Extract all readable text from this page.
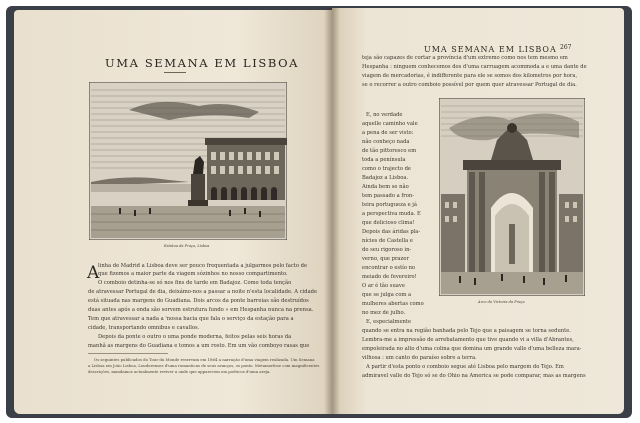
UMA SEMANA EM LISBOA
Estatua da Praça, Lisboa
A
linha de Madrid a Lisboa deve ser pouco frequentada a julgarmos pelo facto de
que fizemos a maior parte da viagem sózinhos no nosso compartimento.
O comboio detinha-se só nos fins de tarde em Badajoz. Como toda tenção
de atravessar Portugal de dia, deixámo-nos a passar a noite n'esta localidade. A cidade
está situada nas margens do Guadiana. Dois arcos da ponte barreias são destruídos
duas antes após a onda são sorvem estrutura fundo » em Hespanha nunca na prensa.
Tem que atravessar a nada a 'nossa bacia que fala o serviço da estação para a
cidade, transportando omnibus e cavallos.
Depois da ponte o outro o uma ponde moderna, feitos pelas seis horas da
manhã as margens do Guadiana e tomos a um rosto. Em um vão comboyo rasas que
Os seguintes publicados do Tour du Monde reservam em 1864 a narração d'uma viagem realizada. Um Semana
a Lisboa em João Lisboa, Loudorenses d'uma romanticas de seus avanços, os ponto. Metamorfose com magnificentes
descrições, mandamos actualmente reviver a onde que apparecem em poéticos d'uma areja.
UMA SEMANA EM LISBOA 267
teja são capazes de cortar a província d'um extremo como nos tem mesmo em
Hespanha : ninguem conhecemos dos d'uma carruagem acommoda a e uma dante de
viagem de mercadorias, é indifferente para ele se somos dos kilometros por hora,
se o recorrer a outro comboio possível por quem quer atravessar Portugal de dia.
E, no verdade
aquelle caminho vale
a pena de ser visto:
não conheço nada
de tão pittoresco em
toda a península
como o trajecto de
Badajoz a Lisboa.
Ainda bem se não
tem passado a fron-
teira portugueza e já
a perspectiva muda. E
que delicioso clima!
Depois das áridas pla-
nícies de Castella e
do seu rigoroso in-
verno, que prazer
encontrar o estío no
meiado de fevereiro!
O ar é tão suave
que se julga com a
mulheres abertas como
no mez de julho.
E, especialmente
quando se entra na região banhada pelo Tejo que a paisagem se torna sedunte.
Lembra-me a impressão de arrebatamento que tive quando vi a villa d'Abrantes,
empoleirada no alto d'uma colina que domina um grande valle d'uma belleza mara-
vilhosa : um canto do paraíso sobre a terra.
A partir d'esta ponto o comboio segue até Lisboa pelo margem do Tejo. Em
admiravel valle do Tejo só se do Ohio na America se pode comparar, mas as margens
Arco da Victoria da Praça
